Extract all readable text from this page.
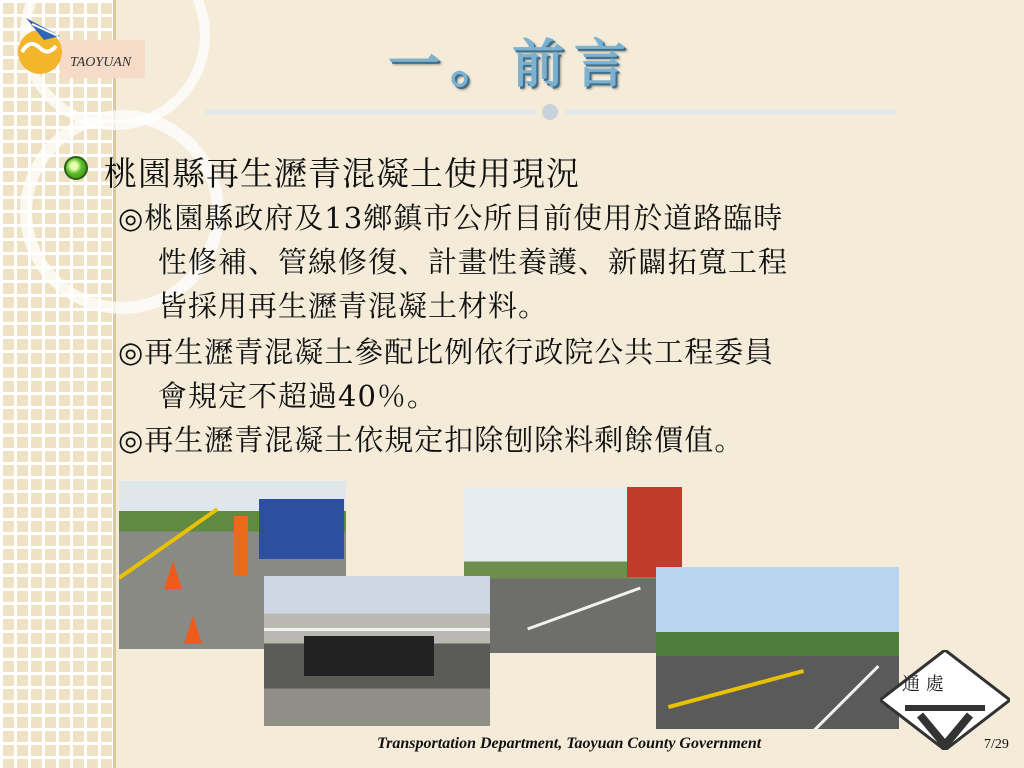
TAOYUAN	一。前言
桃園縣再生瀝青混凝土使用現況
◎桃園縣政府及13鄉鎮市公所目前使用於道路臨時
性修補、管線修復、計畫性養護、新闢拓寬工程
皆採用再生瀝青混凝土材料。
◎再生瀝青混凝土參配比例依行政院公共工程委員
會規定不超過40％。
◎再生瀝青混凝土依規定扣除刨除料剩餘價值。
通 處
Transportation Department, Taoyuan County Government	7/29
